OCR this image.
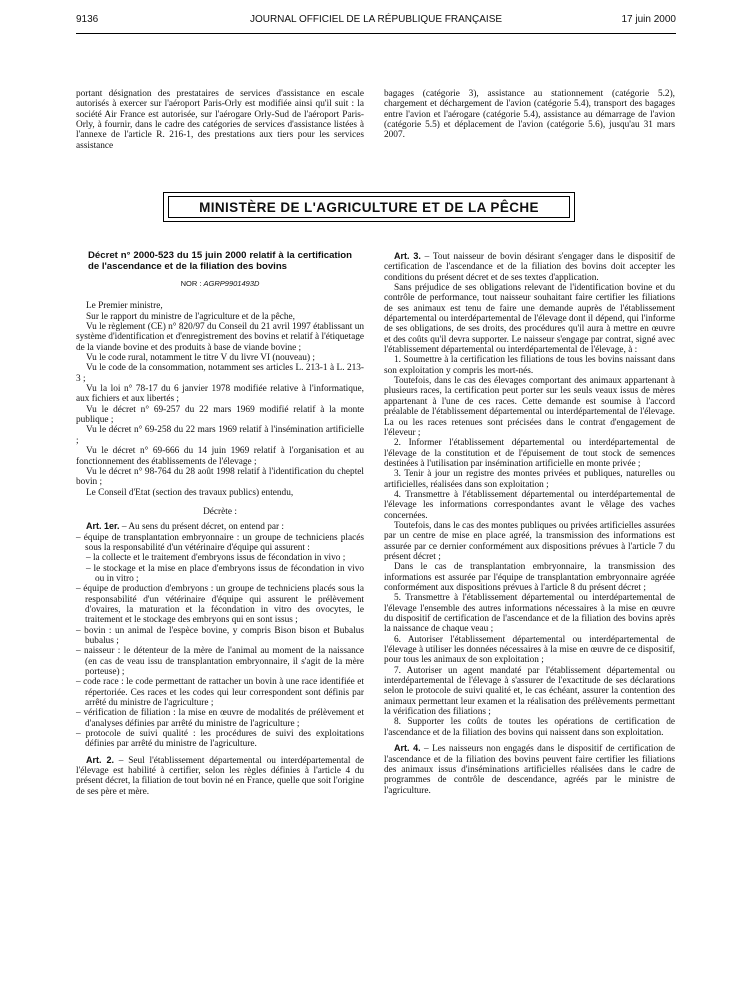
9136	JOURNAL OFFICIEL DE LA RÉPUBLIQUE FRANÇAISE	17 juin 2000

portant désignation des prestataires de services d'assistance en escale autorisés à exercer sur l'aéroport Paris-Orly est modifiée ainsi qu'il suit : la société Air France est autorisée, sur l'aérogare Orly-Sud de l'aéroport Paris-Orly, à fournir, dans le cadre des catégories de services d'assistance listées à l'annexe de l'article R. 216-1, des prestations aux tiers pour les services assistance

bagages (catégorie 3), assistance au stationnement (catégorie 5.2), chargement et déchargement de l'avion (catégorie 5.4), transport des bagages entre l'avion et l'aérogare (catégorie 5.4), assistance au démarrage de l'avion (catégorie 5.5) et déplacement de l'avion (catégorie 5.6), jusqu'au 31 mars 2007.

MINISTÈRE DE L'AGRICULTURE ET DE LA PÊCHE
Décret n° 2000-523 du 15 juin 2000 relatif à la certification de l'ascendance et de la filiation des bovins
NOR : AGRP9901493D

Le Premier ministre,

Sur le rapport du ministre de l'agriculture et de la pêche,

Vu le règlement (CE) n° 820/97 du Conseil du 21 avril 1997 établissant un système d'identification et d'enregistrement des bovins et relatif à l'étiquetage de la viande bovine et des produits à base de viande bovine ;

Vu le code rural, notamment le titre V du livre VI (nouveau) ;

Vu le code de la consommation, notamment ses articles L. 213-1 à L. 213-3 ;

Vu la loi n° 78-17 du 6 janvier 1978 modifiée relative à l'informatique, aux fichiers et aux libertés ;

Vu le décret n° 69-257 du 22 mars 1969 modifié relatif à la monte publique ;

Vu le décret n° 69-258 du 22 mars 1969 relatif à l'insémination artificielle ;

Vu le décret n° 69-666 du 14 juin 1969 relatif à l'organisation et au fonctionnement des établissements de l'élevage ;

Vu le décret n° 98-764 du 28 août 1998 relatif à l'identification du cheptel bovin ;

Le Conseil d'Etat (section des travaux publics) entendu,

Décrète :

Art. 1er. – Au sens du présent décret, on entend par :

– équipe de transplantation embryonnaire : un groupe de techniciens placés sous la responsabilité d'un vétérinaire d'équipe qui assurent :
– la collecte et le traitement d'embryons issus de fécondation in vivo ;
– le stockage et la mise en place d'embryons issus de fécondation in vivo ou in vitro ;
– équipe de production d'embryons : un groupe de techniciens placés sous la responsabilité d'un vétérinaire d'équipe qui assurent le prélèvement d'ovaires, la maturation et la fécondation in vitro des ovocytes, le traitement et le stockage des embryons qui en sont issus ;
– bovin : un animal de l'espèce bovine, y compris Bison bison et Bubalus bubalus ;
– naisseur : le détenteur de la mère de l'animal au moment de la naissance (en cas de veau issu de transplantation embryonnaire, il s'agit de la mère porteuse) ;
– code race : le code permettant de rattacher un bovin à une race identifiée et répertoriée. Ces races et les codes qui leur correspondent sont définis par arrêté du ministre de l'agriculture ;
– vérification de filiation : la mise en œuvre de modalités de prélèvement et d'analyses définies par arrêté du ministre de l'agriculture ;
– protocole de suivi qualité : les procédures de suivi des exploitations définies par arrêté du ministre de l'agriculture.

Art. 2. – Seul l'établissement départemental ou interdépartemental de l'élevage est habilité à certifier, selon les règles définies à l'article 4 du présent décret, la filiation de tout bovin né en France, quelle que soit l'origine de ses père et mère.

Art. 3. – Tout naisseur de bovin désirant s'engager dans le dispositif de certification de l'ascendance et de la filiation des bovins doit accepter les conditions du présent décret et de ses textes d'application.

Sans préjudice de ses obligations relevant de l'identification bovine et du contrôle de performance, tout naisseur souhaitant faire certifier les filiations de ses animaux est tenu de faire une demande auprès de l'établissement départemental ou interdépartemental de l'élevage dont il dépend, qui l'informe de ses obligations, de ses droits, des procédures qu'il aura à mettre en œuvre et des coûts qu'il devra supporter. Le naisseur s'engage par contrat, signé avec l'établissement départemental ou interdépartemental de l'élevage, à :

1. Soumettre à la certification les filiations de tous les bovins naissant dans son exploitation y compris les mort-nés.

Toutefois, dans le cas des élevages comportant des animaux appartenant à plusieurs races, la certification peut porter sur les seuls veaux issus de mères appartenant à l'une de ces races. Cette demande est soumise à l'accord préalable de l'établissement départemental ou interdépartemental de l'élevage. La ou les races retenues sont précisées dans le contrat d'engagement de l'éleveur ;

2. Informer l'établissement départemental ou interdépartemental de l'élevage de la constitution et de l'épuisement de tout stock de semences destinées à l'utilisation par insémination artificielle en monte privée ;

3. Tenir à jour un registre des montes privées et publiques, naturelles ou artificielles, réalisées dans son exploitation ;

4. Transmettre à l'établissement départemental ou interdépartemental de l'élevage les informations correspondantes avant le vêlage des vaches concernées.

Toutefois, dans le cas des montes publiques ou privées artificielles assurées par un centre de mise en place agréé, la transmission des informations est assurée par ce dernier conformément aux dispositions prévues à l'article 7 du présent décret ;

Dans le cas de transplantation embryonnaire, la transmission des informations est assurée par l'équipe de transplantation embryonnaire agréée conformément aux dispositions prévues à l'article 8 du présent décret ;

5. Transmettre à l'établissement départemental ou interdépartemental de l'élevage l'ensemble des autres informations nécessaires à la mise en œuvre du dispositif de certification de l'ascendance et de la filiation des bovins après la naissance de chaque veau ;

6. Autoriser l'établissement départemental ou interdépartemental de l'élevage à utiliser les données nécessaires à la mise en œuvre de ce dispositif, pour tous les animaux de son exploitation ;

7. Autoriser un agent mandaté par l'établissement départemental ou interdépartemental de l'élevage à s'assurer de l'exactitude de ses déclarations selon le protocole de suivi qualité et, le cas échéant, assurer la contention des animaux permettant leur examen et la réalisation des prélèvements permettant la vérification des filiations ;

8. Supporter les coûts de toutes les opérations de certification de l'ascendance et de la filiation des bovins qui naissent dans son exploitation.

Art. 4. – Les naisseurs non engagés dans le dispositif de certification de l'ascendance et de la filiation des bovins peuvent faire certifier les filiations des animaux issus d'inséminations artificielles réalisées dans le cadre de programmes de contrôle de descendance, agréés par le ministre de l'agriculture.
